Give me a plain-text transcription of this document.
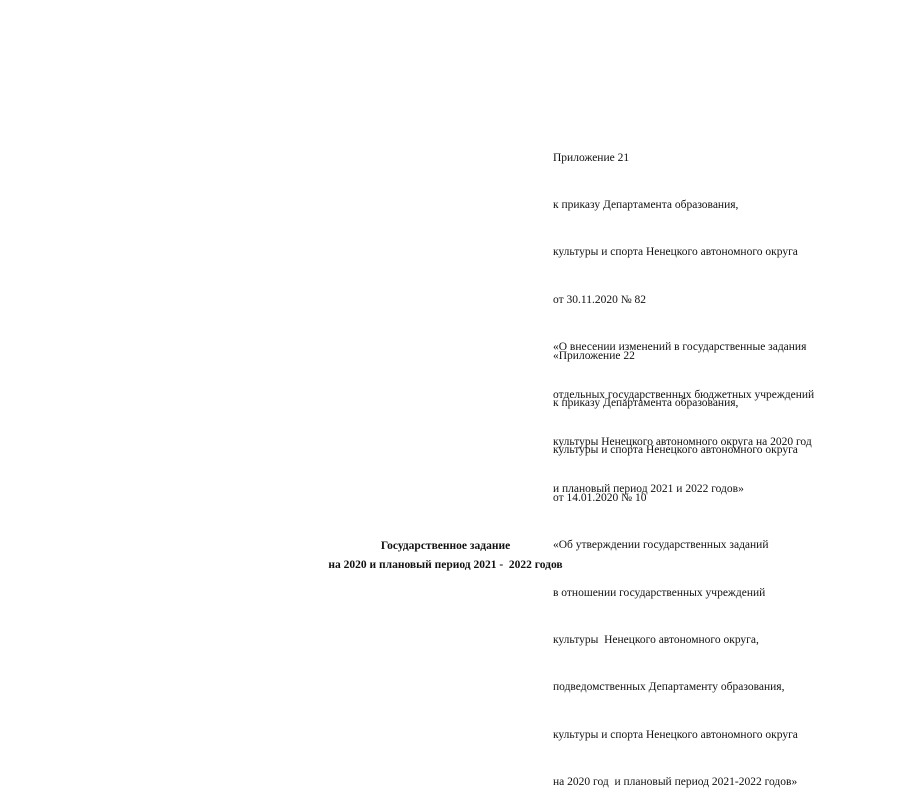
Приложение 21

к приказу Департамента образования,

культуры и спорта Ненецкого автономного округа

от 30.11.2020 № 82

«О внесении изменений в государственные задания

отдельных государственных бюджетных учреждений

культуры Ненецкого автономного округа на 2020 год

и плановый период 2021 и 2022 годов»

«Приложение 22

к приказу Департамента образования,

культуры и спорта Ненецкого автономного округа

от 14.01.2020 № 10

«Об утверждении государственных заданий

в отношении государственных учреждений

культуры  Ненецкого автономного округа,

подведомственных Департаменту образования,

культуры и спорта Ненецкого автономного округа

на 2020 год  и плановый период 2021-2022 годов»

Государственное задание
на 2020 и плановый период 2021 -  2022 годов
